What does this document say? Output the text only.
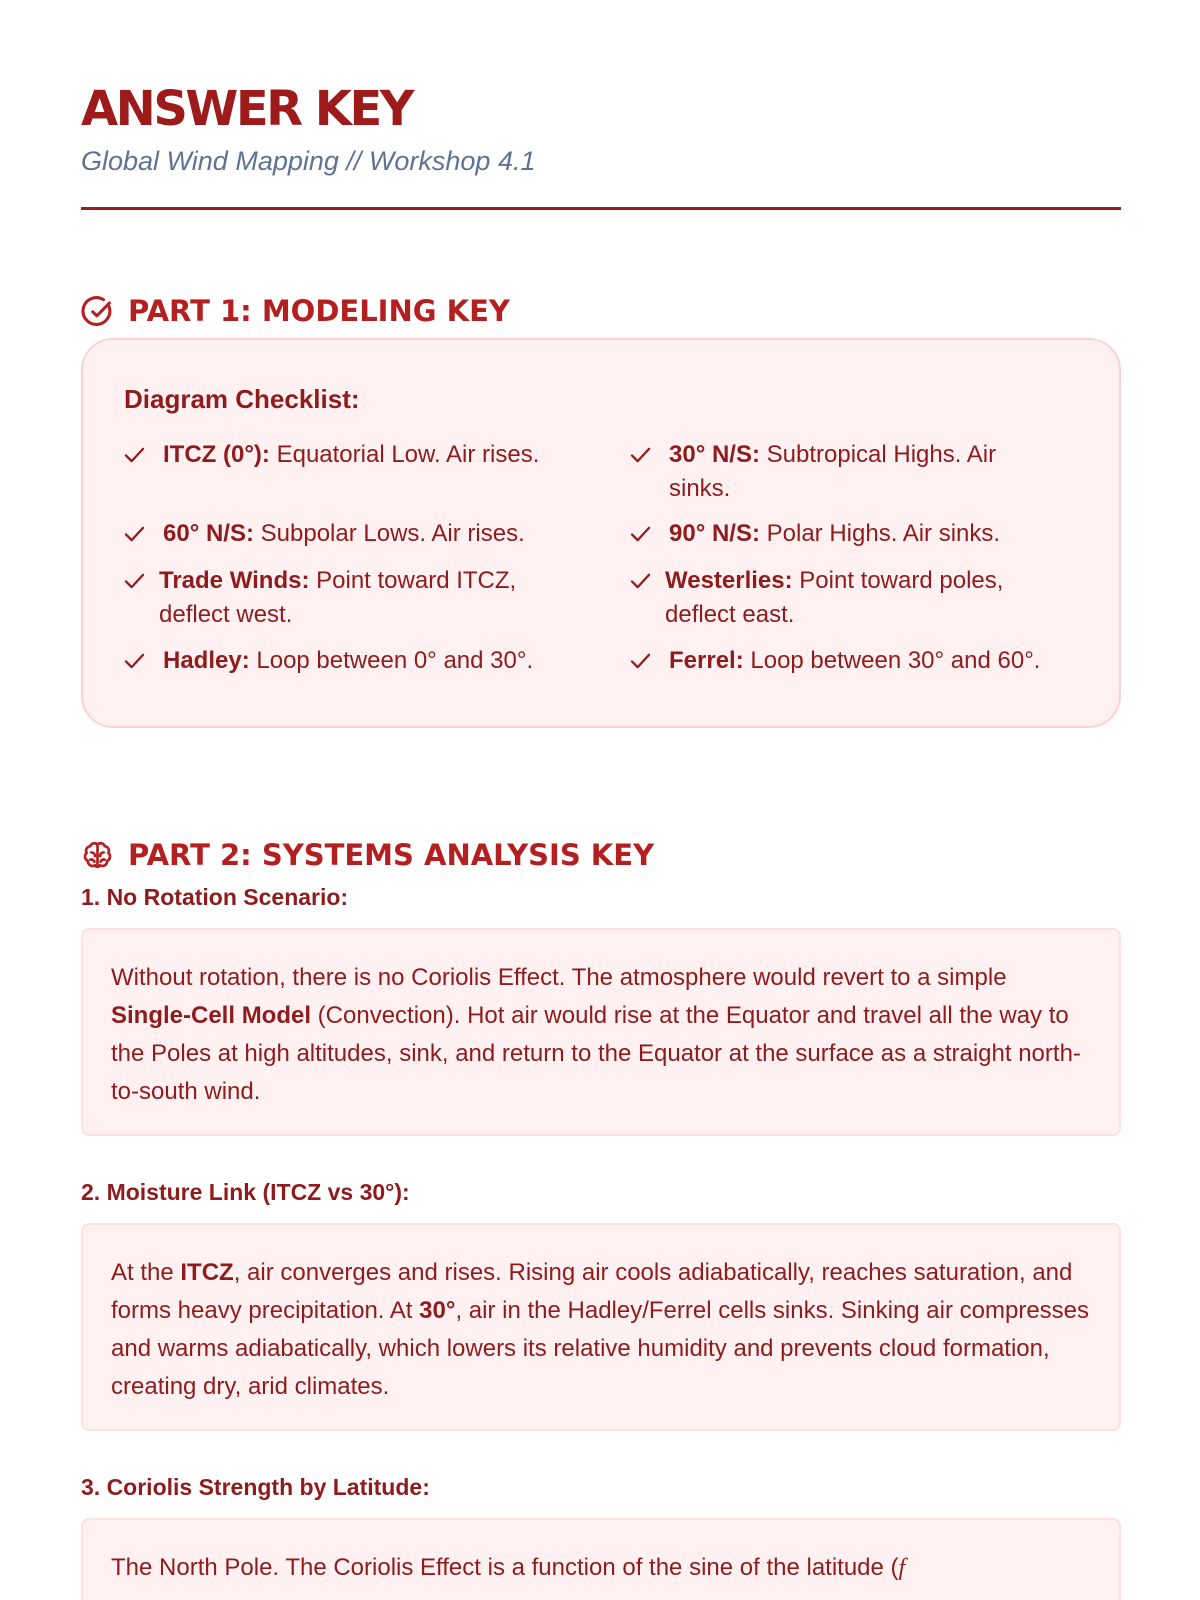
ANSWER KEY
Global Wind Mapping // Workshop 4.1
PART 1: MODELING KEY
Diagram Checklist:
ITCZ (0°): Equatorial Low. Air rises.	30° N/S: Subtropical Highs. Air sinks.
60° N/S: Subpolar Lows. Air rises.	90° N/S: Polar Highs. Air sinks.
Trade Winds: Point toward ITCZ, deflect west.
Westerlies: Point toward poles, deflect east.
Hadley: Loop between 0° and 30°.	Ferrel: Loop between 30° and 60°.
PART 2: SYSTEMS ANALYSIS KEY
1. No Rotation Scenario:
Without rotation, there is no Coriolis Effect. The atmosphere would revert to a simple Single-Cell Model (Convection). Hot air would rise at the Equator and travel all the way to the Poles at high altitudes, sink, and return to the Equator at the surface as a straight north-to-south wind.
2. Moisture Link (ITCZ vs 30°):
At the ITCZ, air converges and rises. Rising air cools adiabatically, reaches saturation, and forms heavy precipitation. At 30°, air in the Hadley/Ferrel cells sinks. Sinking air compresses and warms adiabatically, which lowers its relative humidity and prevents cloud formation, creating dry, arid climates.
3. Coriolis Strength by Latitude:
The North Pole. The Coriolis Effect is a function of the sine of the latitude (f
